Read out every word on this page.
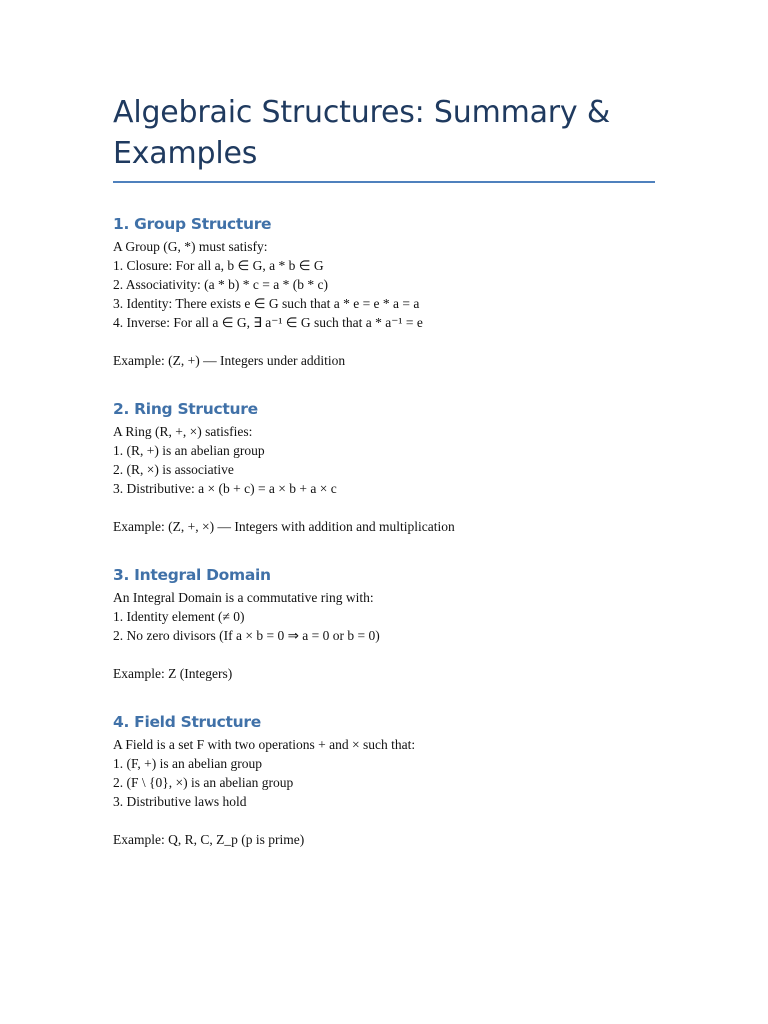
Algebraic Structures: Summary & Examples
1. Group Structure

A Group (G, *) must satisfy:

1. Closure: For all a, b ∈ G, a * b ∈ G

2. Associativity: (a * b) * c = a * (b * c)

3. Identity: There exists e ∈ G such that a * e = e * a = a

4. Inverse: For all a ∈ G, ∃ a⁻¹ ∈ G such that a * a⁻¹ = e

Example: (Z, +) — Integers under addition

2. Ring Structure

A Ring (R, +, ×) satisfies:

1. (R, +) is an abelian group

2. (R, ×) is associative

3. Distributive: a × (b + c) = a × b + a × c

Example: (Z, +, ×) — Integers with addition and multiplication

3. Integral Domain

An Integral Domain is a commutative ring with:

1. Identity element (≠ 0)

2. No zero divisors (If a × b = 0 ⇒ a = 0 or b = 0)

Example: Z (Integers)

4. Field Structure

A Field is a set F with two operations + and × such that:

1. (F, +) is an abelian group

2. (F \ {0}, ×) is an abelian group

3. Distributive laws hold

Example: Q, R, C, Z_p (p is prime)
